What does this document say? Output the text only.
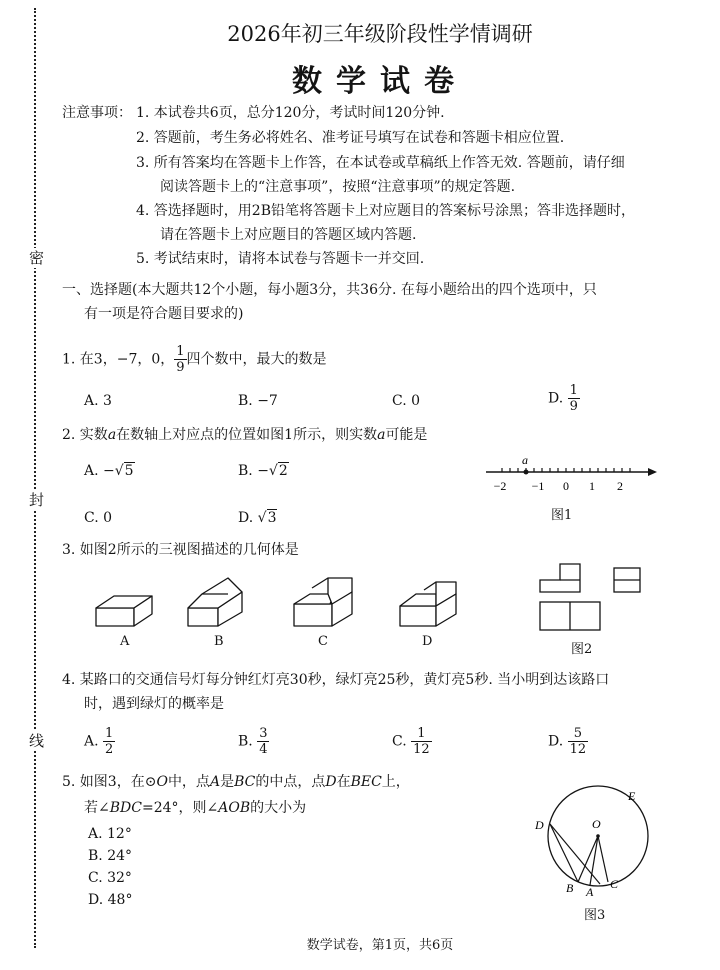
密
封
线
2026年初三年级阶段性学情调研
数学试卷
注意事项： 1. 本试卷共6页，总分120分，考试时间120分钟.
2. 答题前，考生务必将姓名、准考证号填写在试卷和答题卡相应位置.
3. 所有答案均在答题卡上作答，在本试卷或草稿纸上作答无效. 答题前，请仔细
阅读答题卡上的“注意事项”，按照“注意事项”的规定答题.
4. 答选择题时，用2B铅笔将答题卡上对应题目的答案标号涂黑；答非选择题时，
请在答题卡上对应题目的答题区域内答题.
5. 考试结束时，请将本试卷与答题卡一并交回.
一、选择题(本大题共12个小题，每小题3分，共36分. 在每小题给出的四个选项中，只
有一项是符合题目要求的)
1. 在3，−7，0， $\frac{1}{9}$ 四个数中，最大的数是
A. 3	B. −7	C. 0	D. $\frac{1}{9}$
2. 实数a在数轴上对应点的位置如图1所示，则实数a可能是
A. −√5	B. −√2
C. 0	D. √3
a
−2 −1 0 1 2
图1
3. 如图2所示的三视图描述的几何体是
A	B	C	D
图2
4. 某路口的交通信号灯每分钟红灯亮30秒，绿灯亮25秒，黄灯亮5秒. 当小明到达该路口
时，遇到绿灯的概率是
A. $\frac{1}{2}$	B. $\frac{3}{4}$	C. $\frac{1}{12}$	D. $\frac{5}{12}$
5. 如图3，在⊙O中，点A是BC的中点，点D在BEC上，
若∠BDC=24°，则∠AOB的大小为
A. 12°
B. 24°
C. 32°
D. 48°
D	O
E
B A
C
图3
数学试卷，第1页，共6页
